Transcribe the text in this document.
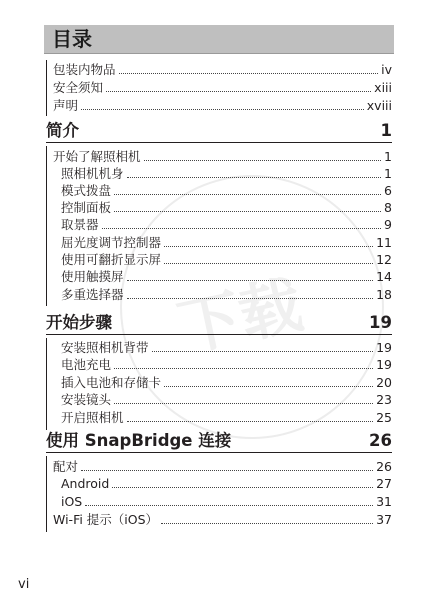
下载
目录
包装内物品	iv
安全须知	xiii
声明	xviii
简介	1
开始了解照相机	1
照相机机身	1
模式拨盘	6
控制面板	8
取景器	9
屈光度调节控制器	11
使用可翻折显示屏	12
使用触摸屏	14
多重选择器	18
开始步骤	19
安装照相机背带	19
电池充电	19
插入电池和存储卡	20
安装镜头	23
开启照相机	25
使用 SnapBridge 连接	26
配对	26
Android	27
iOS	31
Wi-Fi 提示（iOS）	37
vi
